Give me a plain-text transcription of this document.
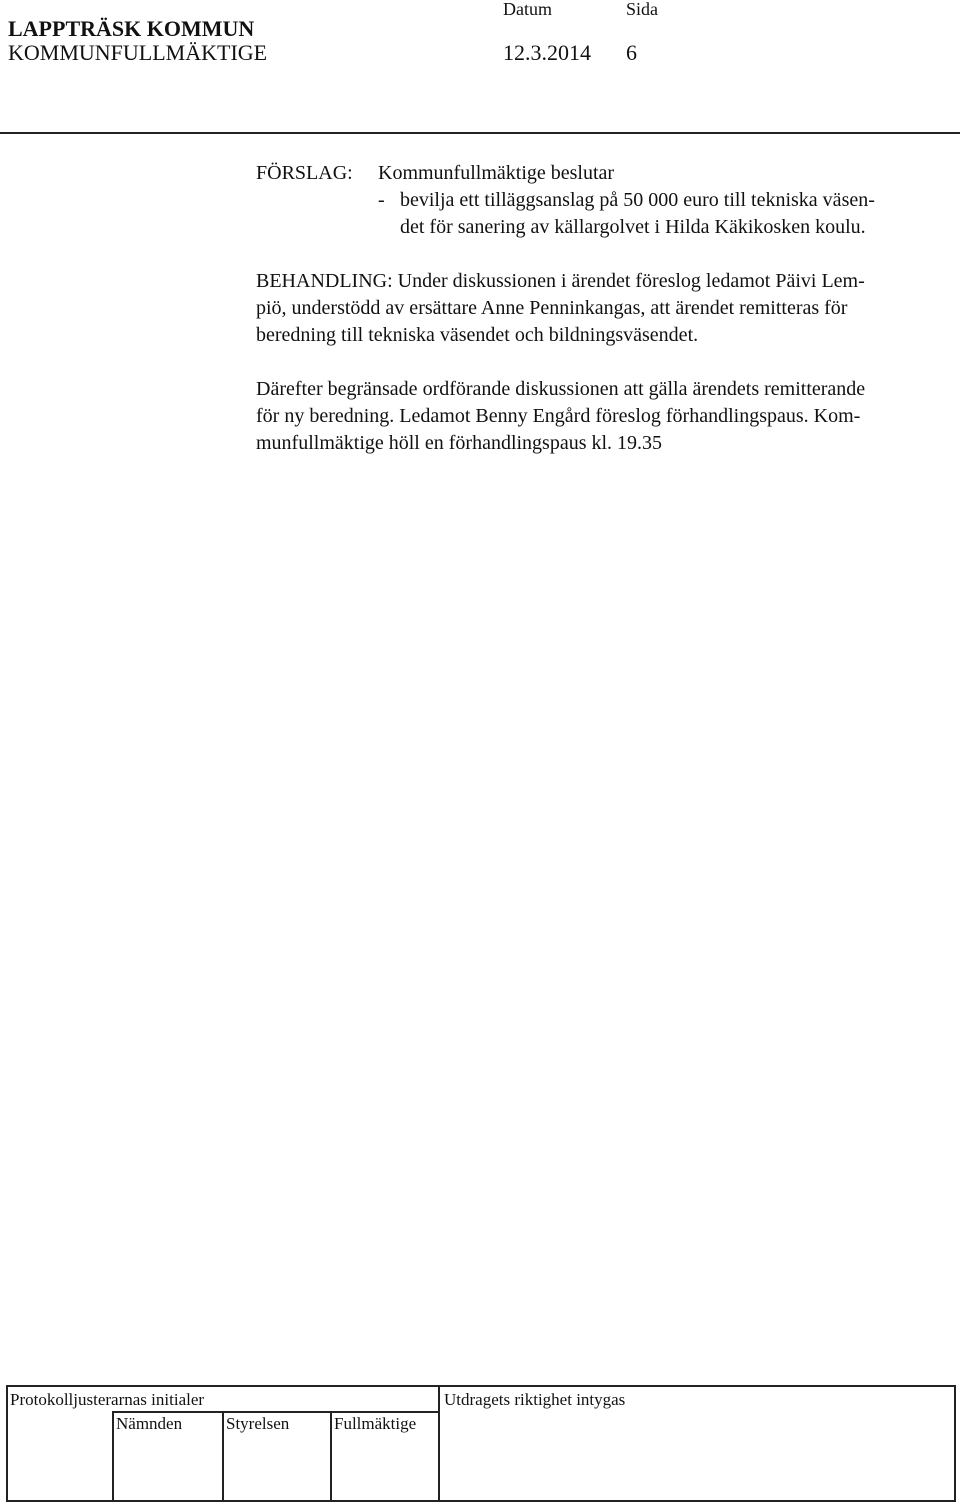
LAPPTRÄSK KOMMUN
KOMMUNFULLMÄKTIGE
Datum	Sida
12.3.2014 6
FÖRSLAG: Kommunfullmäktige beslutar
- bevilja ett tilläggsanslag på 50 000 euro till tekniska väsen-
det för sanering av källargolvet i Hilda Käkikosken koulu.
BEHANDLING: Under diskussionen i ärendet föreslog ledamot Päivi Lem-
piö, understödd av ersättare Anne Penninkangas, att ärendet remitteras för
beredning till tekniska väsendet och bildningsväsendet.
Därefter begränsade ordförande diskussionen att gälla ärendets remitterande
för ny beredning. Ledamot Benny Engård föreslog förhandlingspaus. Kom-
munfullmäktige höll en förhandlingspaus kl. 19.35
Protokolljusterarnas initialer	Utdragets riktighet intygas
Nämnden	Styrelsen	Fullmäktige
